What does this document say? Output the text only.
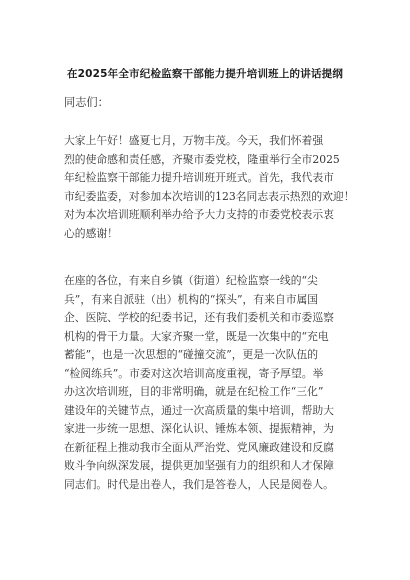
在2025年全市纪检监察干部能力提升培训班上的讲话提纲
同志们：
大家上午好！盛夏七月，万物丰茂。今天，我们怀着强
烈的使命感和责任感，齐聚市委党校，隆重举行全市2025
年纪检监察干部能力提升培训班开班式。首先，我代表市
市纪委监委，对参加本次培训的123名同志表示热烈的欢迎！
对为本次培训班顺利举办给予大力支持的市委党校表示衷
心的感谢！
在座的各位，有来自乡镇（街道）纪检监察一线的“尖
兵”，有来自派驻（出）机构的“探头”，有来自市属国
企、医院、学校的纪委书记，还有我们委机关和市委巡察
机构的骨干力量。大家齐聚一堂，既是一次集中的“充电
蓄能”，也是一次思想的“碰撞交流”，更是一次队伍的
“检阅练兵”。市委对这次培训高度重视，寄予厚望。举
办这次培训班，目的非常明确，就是在纪检工作“三化”
建设年的关键节点，通过一次高质量的集中培训，帮助大
家进一步统一思想、深化认识、锤炼本领、提振精神，为
在新征程上推动我市全面从严治党、党风廉政建设和反腐
败斗争向纵深发展，提供更加坚强有力的组织和人才保障
同志们。时代是出卷人，我们是答卷人，人民是阅卷人。
